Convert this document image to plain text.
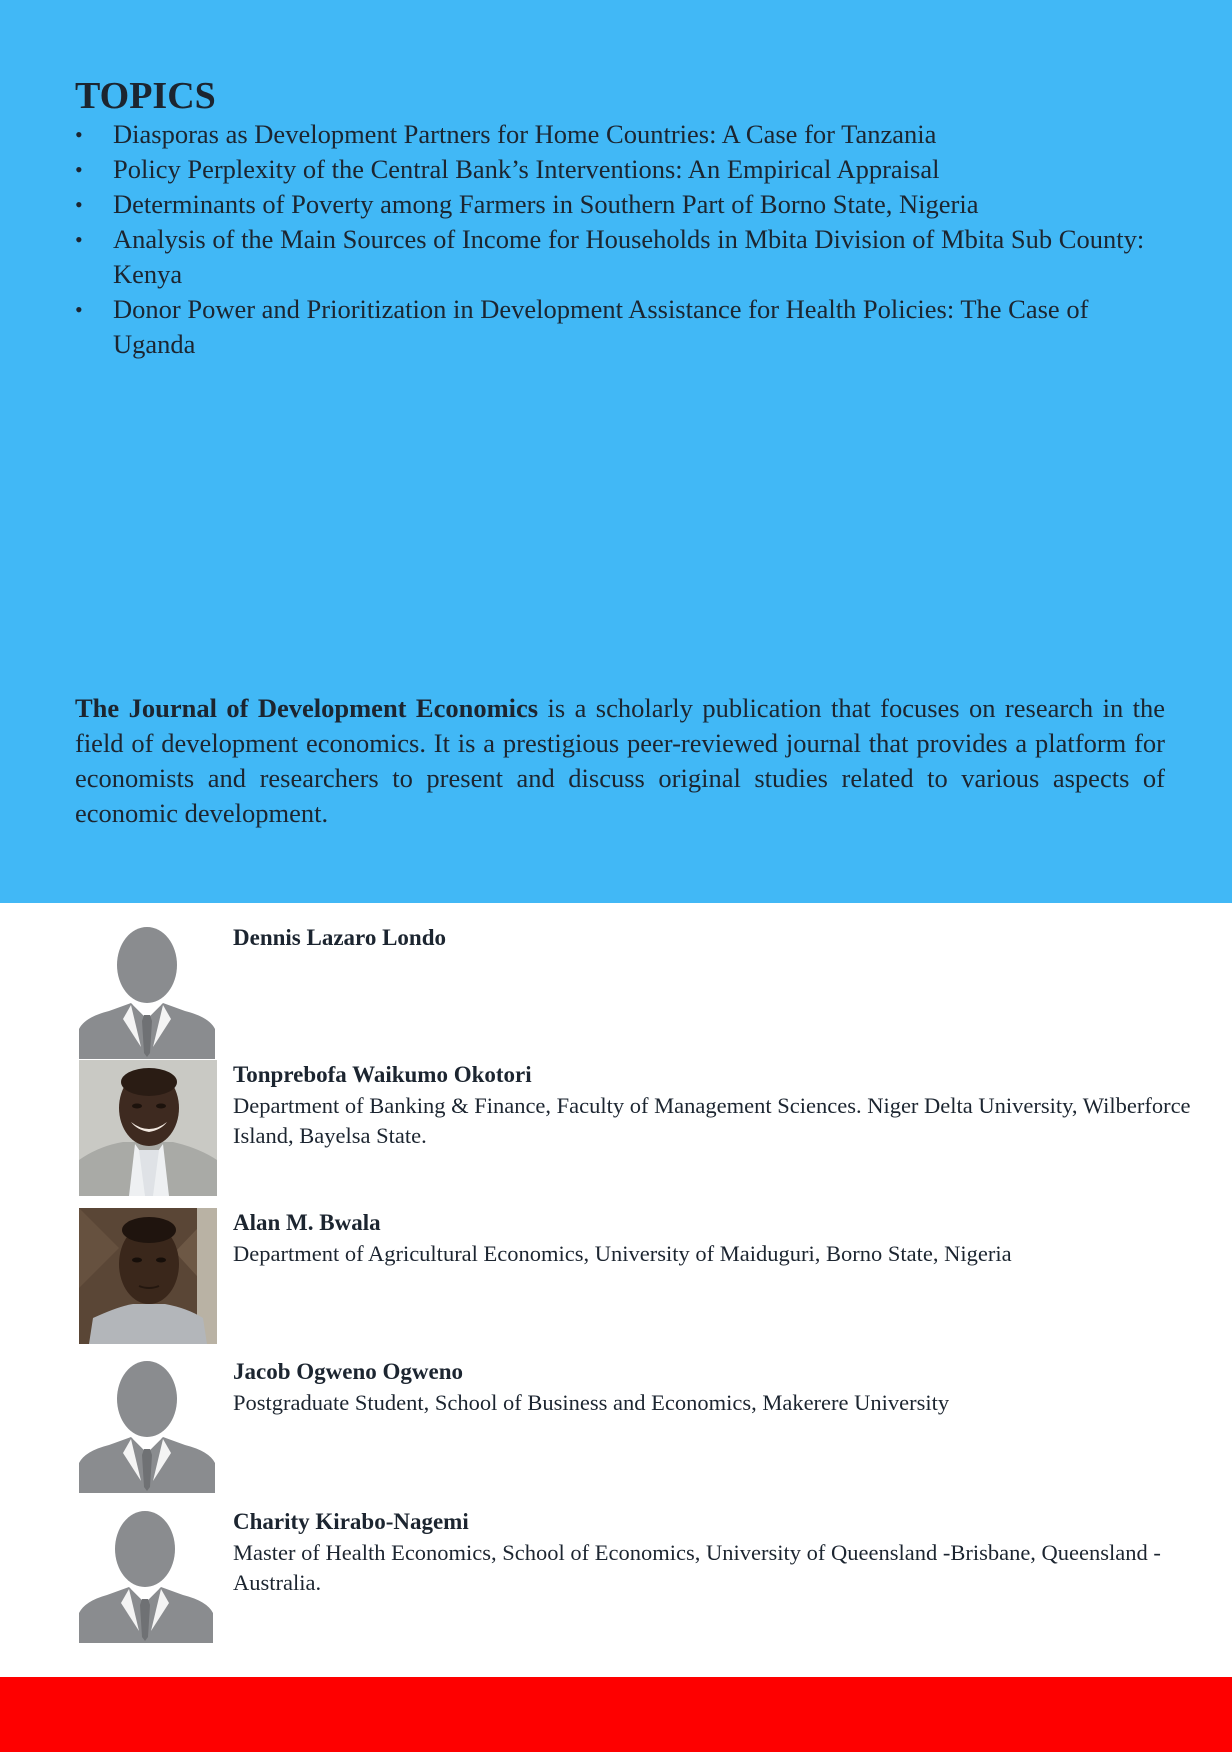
TOPICS
•	Diasporas as Development Partners for Home Countries: A Case for Tanzania
•	Policy Perplexity of the Central Bank’s Interventions: An Empirical Appraisal
•	Determinants of Poverty among Farmers in Southern Part of Borno State, Nigeria
•	Analysis of the Main Sources of Income for Households in Mbita Division of Mbita Sub County: Kenya
•	Donor Power and Prioritization in Development Assistance for Health Policies: The Case of Uganda

The Journal of Development Economics is a scholarly publication that focuses on research in the field of development economics. It is a prestigious peer-reviewed journal that provides a platform for economists and researchers to present and discuss original studies related to various aspects of economic development.

Dennis Lazaro Londo
Tonprebofa Waikumo Okotori
Department of Banking & Finance, Faculty of Management Sciences. Niger Delta University, Wilberforce Island, Bayelsa State.
Alan M. Bwala
Department of Agricultural Economics, University of Maiduguri, Borno State, Nigeria
Jacob Ogweno Ogweno
Postgraduate Student, School of Business and Economics, Makerere University
Charity Kirabo-Nagemi
Master of Health Economics, School of Economics, University of Queensland -Brisbane, Queensland - Australia.
